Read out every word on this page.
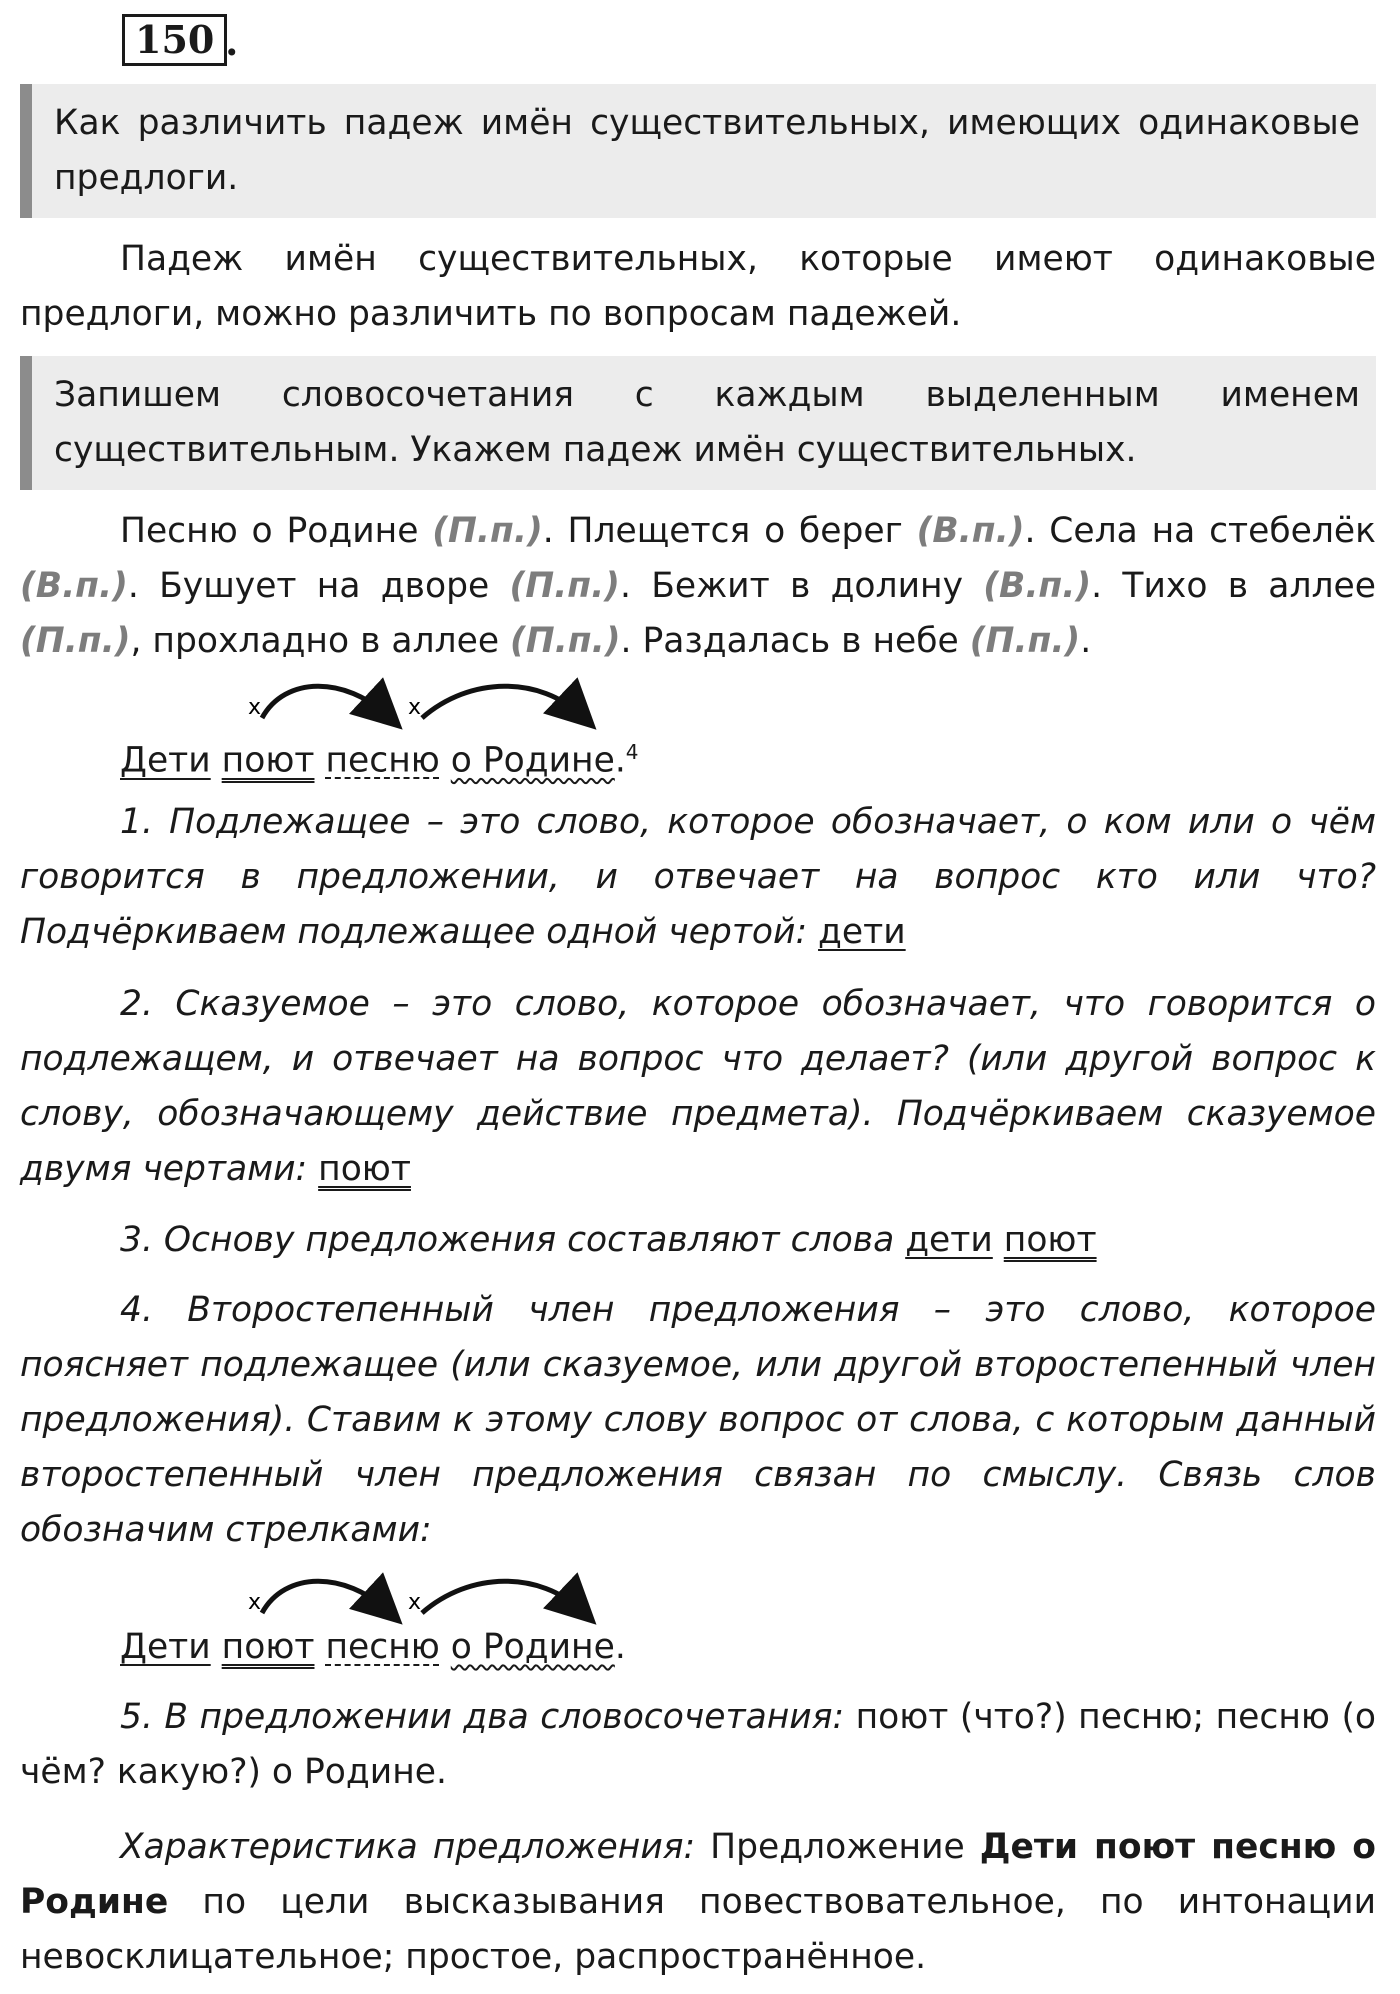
150 .
Как различить падеж имён существительных, имеющих одинаковые предлоги.
Падеж имён существительных, которые имеют одинаковые предлоги, можно различить по вопросам падежей.
Запишем словосочетания с каждым выделенным именем существительным. Укажем падеж имён существительных.
Песню о Родине (П.п.). Плещется о берег (В.п.). Села на стебелёк (В.п.). Бушует на дворе (П.п.). Бежит в долину (В.п.). Тихо в аллее (П.п.), прохладно в аллее (П.п.). Раздалась в небе (П.п.).
Дети поют песню о Родине.$^4$
1. Подлежащее – это слово, которое обозначает, о ком или о чём говорится в предложении, и отвечает на вопрос кто или что? Подчёркиваем подлежащее одной чертой: дети
2. Сказуемое – это слово, которое обозначает, что говорится о подлежащем, и отвечает на вопрос что делает? (или другой вопрос к слову, обозначающему действие предмета). Подчёркиваем сказуемое двумя чертами: поют
3. Основу предложения составляют слова дети поют
4. Второстепенный член предложения – это слово, которое поясняет подлежащее (или сказуемое, или другой второстепенный член предложения). Ставим к этому слову вопрос от слова, с которым данный второстепенный член предложения связан по смыслу. Связь слов обозначим стрелками:
Дети поют песню о Родине.
5. В предложении два словосочетания: поют (что?) песню; песню (о чём? какую?) о Родине.
Характеристика предложения: Предложение Дети поют песню о Родине по цели высказывания повествовательное, по интонации невосклицательное; простое, распространённое.
х	х
х	х
